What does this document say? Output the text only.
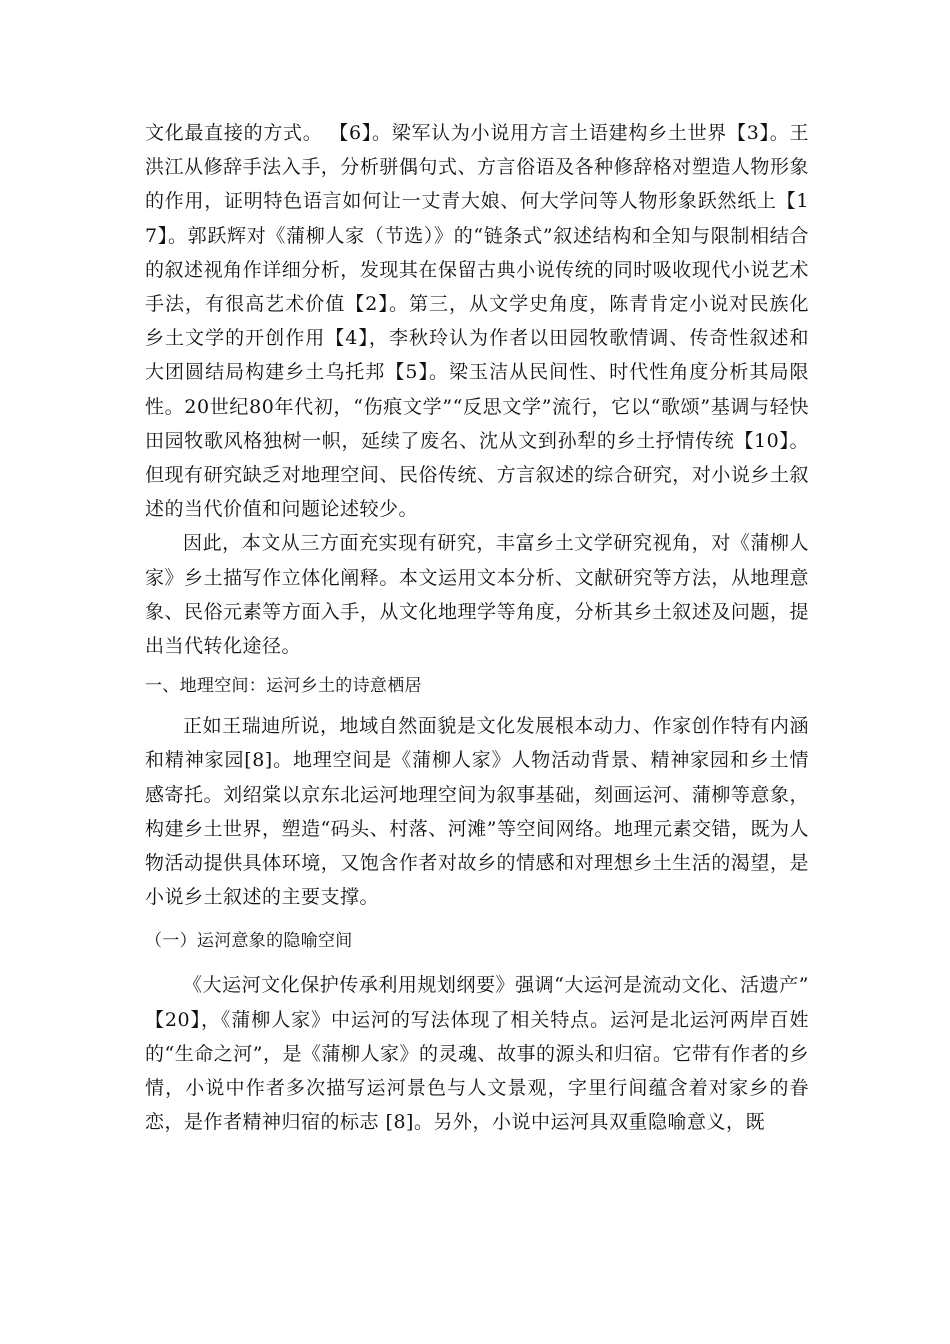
文化最直接的方式。 【6】。梁军认为小说用方言土语建构乡土世界【3】。王洪江从修辞手法入手，分析骈偶句式、方言俗语及各种修辞格对塑造人物形象的作用，证明特色语言如何让一丈青大娘、何大学问等人物形象跃然纸上【17】。郭跃辉对《蒲柳人家（节选）》的“链条式”叙述结构和全知与限制相结合的叙述视角作详细分析，发现其在保留古典小说传统的同时吸收现代小说艺术手法，有很高艺术价值【2】。第三，从文学史角度，陈青肯定小说对民族化乡土文学的开创作用【4】，李秋玲认为作者以田园牧歌情调、传奇性叙述和大团圆结局构建乡土乌托邦【5】。梁玉洁从民间性、时代性角度分析其局限性。20世纪80年代初，“伤痕文学”“反思文学”流行，它以“歌颂”基调与轻快田园牧歌风格独树一帜，延续了废名、沈从文到孙犁的乡土抒情传统【10】。但现有研究缺乏对地理空间、民俗传统、方言叙述的综合研究，对小说乡土叙述的当代价值和问题论述较少。

因此，本文从三方面充实现有研究，丰富乡土文学研究视角，对《蒲柳人家》乡土描写作立体化阐释。本文运用文本分析、文献研究等方法，从地理意象、民俗元素等方面入手，从文化地理学等角度，分析其乡土叙述及问题，提出当代转化途径。

一、地理空间：运河乡土的诗意栖居

正如王瑞迪所说，地域自然面貌是文化发展根本动力、作家创作特有内涵和精神家园[8]。地理空间是《蒲柳人家》人物活动背景、精神家园和乡土情感寄托。刘绍棠以京东北运河地理空间为叙事基础，刻画运河、蒲柳等意象，构建乡土世界，塑造“码头、村落、河滩”等空间网络。地理元素交错，既为人物活动提供具体环境，又饱含作者对故乡的情感和对理想乡土生活的渴望，是小说乡土叙述的主要支撑。

（一）运河意象的隐喻空间

《大运河文化保护传承利用规划纲要》强调“大运河是流动文化、活遗产” 【20】，《蒲柳人家》中运河的写法体现了相关特点。运河是北运河两岸百姓的“生命之河”，是《蒲柳人家》的灵魂、故事的源头和归宿。它带有作者的乡情，小说中作者多次描写运河景色与人文景观，字里行间蕴含着对家乡的眷恋，是作者精神归宿的标志 [8]。另外，小说中运河具双重隐喻意义，既
